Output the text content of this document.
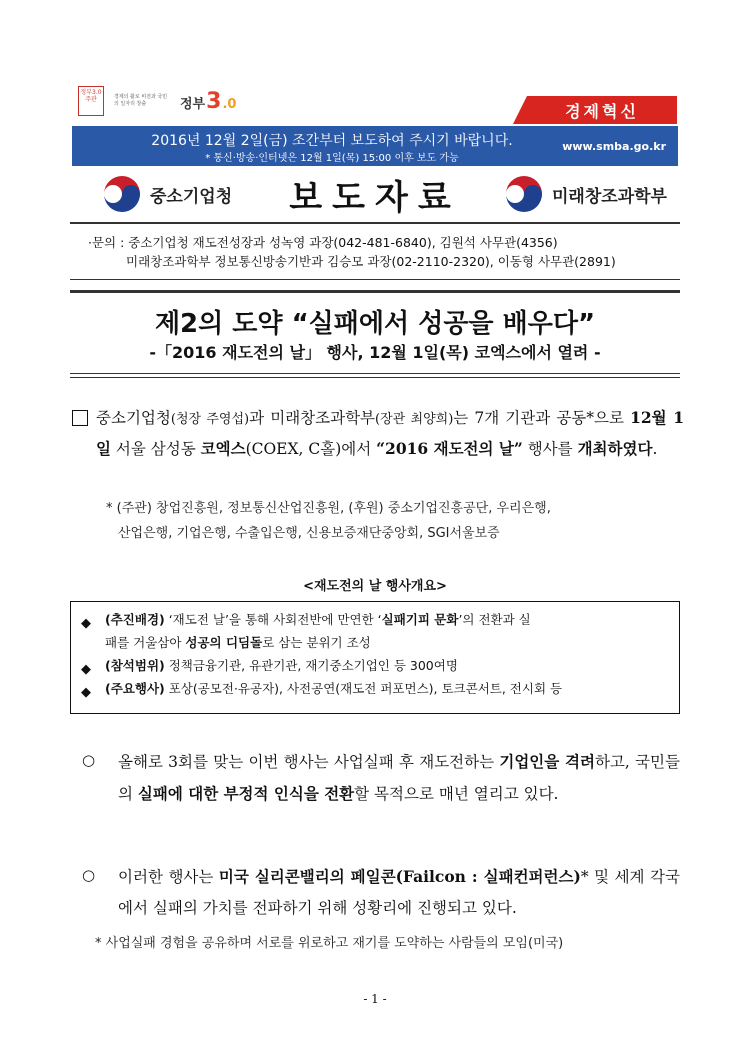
정부3.0 주관	경제의 활로 비전과 국민의 일자리 창출	정부 3 .0	경제혁신
2016년 12월 2일(금) 조간부터 보도하여 주시기 바랍니다.
* 통신·방송·인터넷은 12월 1일(목) 15:00 이후 보도 가능
www.smba.go.kr
중소기업청	보도자료	미래창조과학부
·문의 : 중소기업청 재도전성장과 성녹영 과장(042-481-6840), 김원석 사무관(4356)
미래창조과학부 정보통신방송기반과 김승모 과장(02-2110-2320), 이동형 사무관(2891)
제2의 도약 “실패에서 성공을 배우다”
-「2016 재도전의 날」 행사, 12월 1일(목) 코엑스에서 열려 -
중소기업청(청장 주영섭)과 미래창조과학부(장관 최양희)는 7개 기관과 공동*으로 12월 1일 서울 삼성동 코엑스(COEX, C홀)에서 “2016 재도전의 날” 행사를 개최하였다.
* (주관) 창업진흥원, 정보통신산업진흥원, (후원) 중소기업진흥공단, 우리은행,
산업은행, 기업은행, 수출입은행, 신용보증재단중앙회, SGI서울보증
<재도전의 날 행사개요>
◆ (추진배경) ‘재도전 날’을 통해 사회전반에 만연한 ‘실패기피 문화’의 전환과 실
패를 거울삼아 성공의 디딤돌로 삼는 분위기 조성
◆ (참석범위) 정책금융기관, 유관기관, 재기중소기업인 등 300여명
◆ (주요행사) 포상(공모전·유공자), 사전공연(재도전 퍼포먼스), 토크콘서트, 전시회 등
○ 올해로 3회를 맞는 이번 행사는 사업실패 후 재도전하는 기업인을 격려하고, 국민들의 실패에 대한 부정적 인식을 전환할 목적으로 매년 열리고 있다.
○ 이러한 행사는 미국 실리콘밸리의 페일콘(Failcon : 실패컨퍼런스)* 및 세계 각국에서 실패의 가치를 전파하기 위해 성황리에 진행되고 있다.
* 사업실패 경험을 공유하며 서로를 위로하고 재기를 도약하는 사람들의 모임(미국)
- 1 -
